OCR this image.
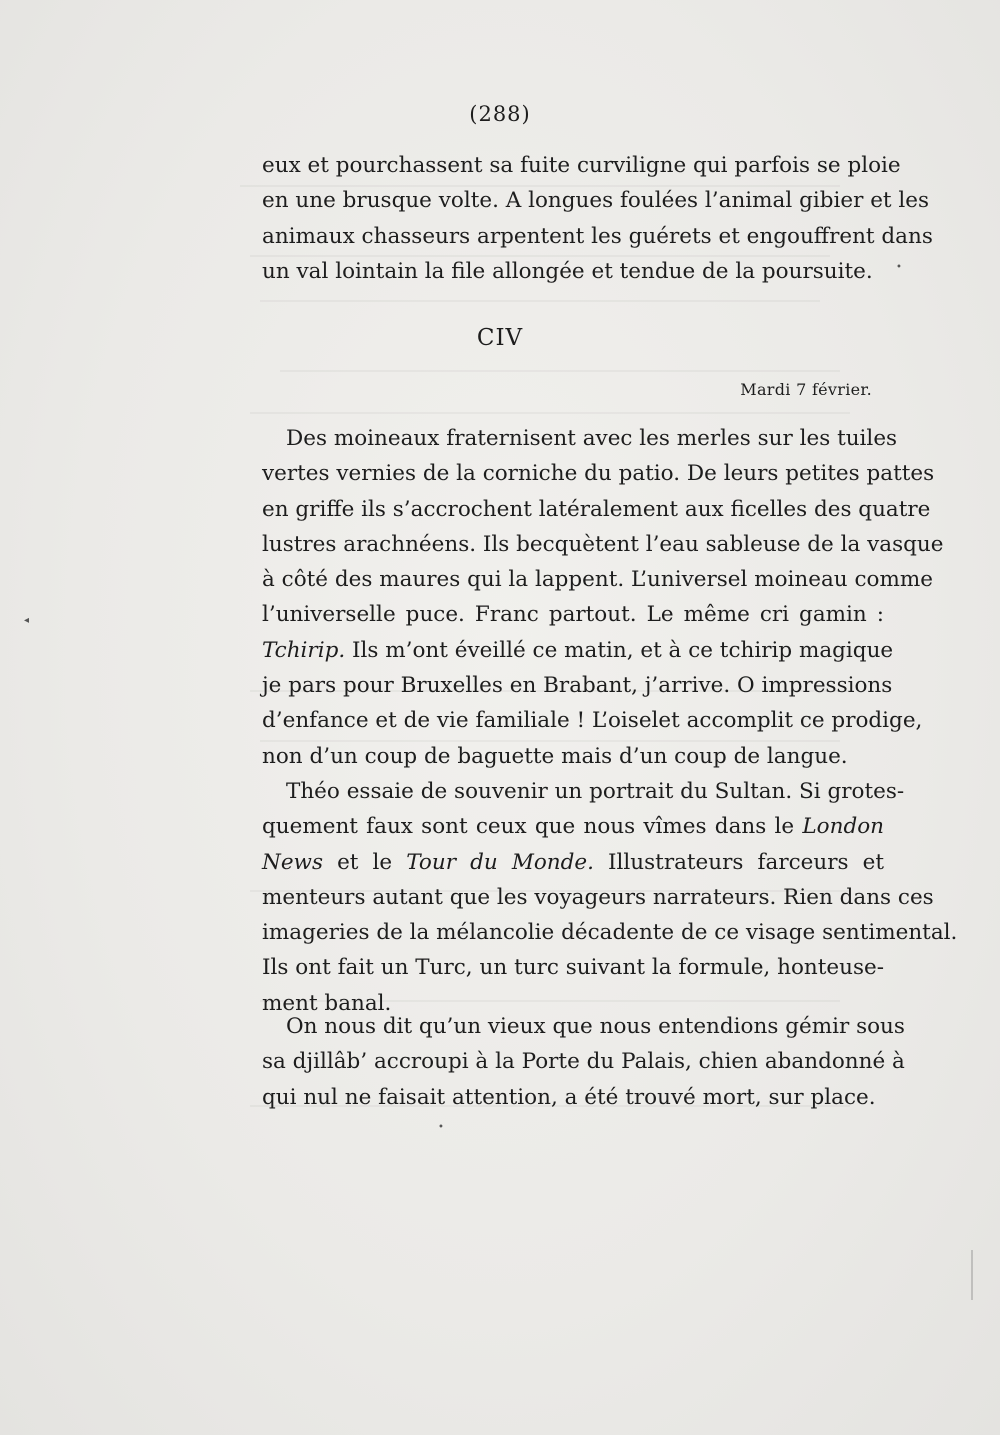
(288)
eux et pourchassent sa fuite curviligne qui parfois se ploie
en une brusque volte. A longues foulées l’animal gibier et les
animaux chasseurs arpentent les guérets et engouffrent dans
un val lointain la file allongée et tendue de la poursuite.
CIV
Mardi 7 février.
Des moineaux fraternisent avec les merles sur les tuiles
vertes vernies de la corniche du patio. De leurs petites pattes
en griffe ils s’accrochent latéralement aux ficelles des quatre
lustres arachnéens. Ils becquètent l’eau sableuse de la vasque
à côté des maures qui la lappent. L’universel moineau comme
l’universelle puce. Franc partout. Le même cri gamin :
Tchirip. Ils m’ont éveillé ce matin, et à ce tchirip magique
je pars pour Bruxelles en Brabant, j’arrive. O impressions
d’enfance et de vie familiale ! L’oiselet accomplit ce prodige,
non d’un coup de baguette mais d’un coup de langue.
Théo essaie de souvenir un portrait du Sultan. Si grotes-
quement faux sont ceux que nous vîmes dans le London
News et le Tour du Monde. Illustrateurs farceurs et
menteurs autant que les voyageurs narrateurs. Rien dans ces
imageries de la mélancolie décadente de ce visage sentimental.
Ils ont fait un Turc, un turc suivant la formule, honteuse-
ment banal.
On nous dit qu’un vieux que nous entendions gémir sous
sa djillâb’ accroupi à la Porte du Palais, chien abandonné à
qui nul ne faisait attention, a été trouvé mort, sur place.
◂
•
•
